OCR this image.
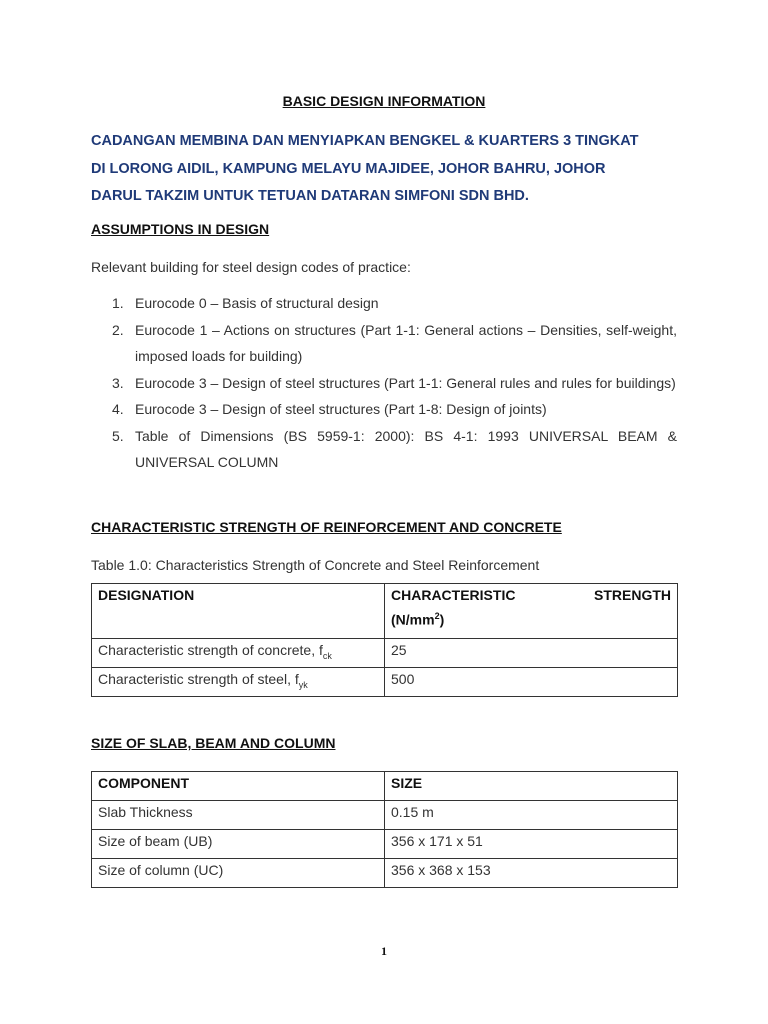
BASIC DESIGN INFORMATION
CADANGAN MEMBINA DAN MENYIAPKAN BENGKEL & KUARTERS 3 TINGKAT
DI LORONG AIDIL, KAMPUNG MELAYU MAJIDEE, JOHOR BAHRU, JOHOR
DARUL TAKZIM UNTUK TETUAN DATARAN SIMFONI SDN BHD.
ASSUMPTIONS IN DESIGN
Relevant building for steel design codes of practice:
1. Eurocode 0 – Basis of structural design
2. Eurocode 1 – Actions on structures (Part 1-1: General actions – Densities, self-weight, imposed loads for building)
3. Eurocode 3 – Design of steel structures (Part 1-1: General rules and rules for buildings)
4. Eurocode 3 – Design of steel structures (Part 1-8: Design of joints)
5. Table of Dimensions (BS 5959-1: 2000): BS 4-1: 1993 UNIVERSAL BEAM & UNIVERSAL COLUMN
CHARACTERISTIC STRENGTH OF REINFORCEMENT AND CONCRETE
Table 1.0: Characteristics Strength of Concrete and Steel Reinforcement
DESIGNATION	CHARACTERISTIC STRENGTH
$(N/mm^2)$

Characteristic strength of concrete, $f_{ck}$	25
Characteristic strength of steel, $f_{yk}$	500
SIZE OF SLAB, BEAM AND COLUMN
COMPONENT	SIZE
Slab Thickness	0.15 m
Size of beam (UB)	356 x 171 x 51
Size of column (UC)	356 x 368 x 153
1
